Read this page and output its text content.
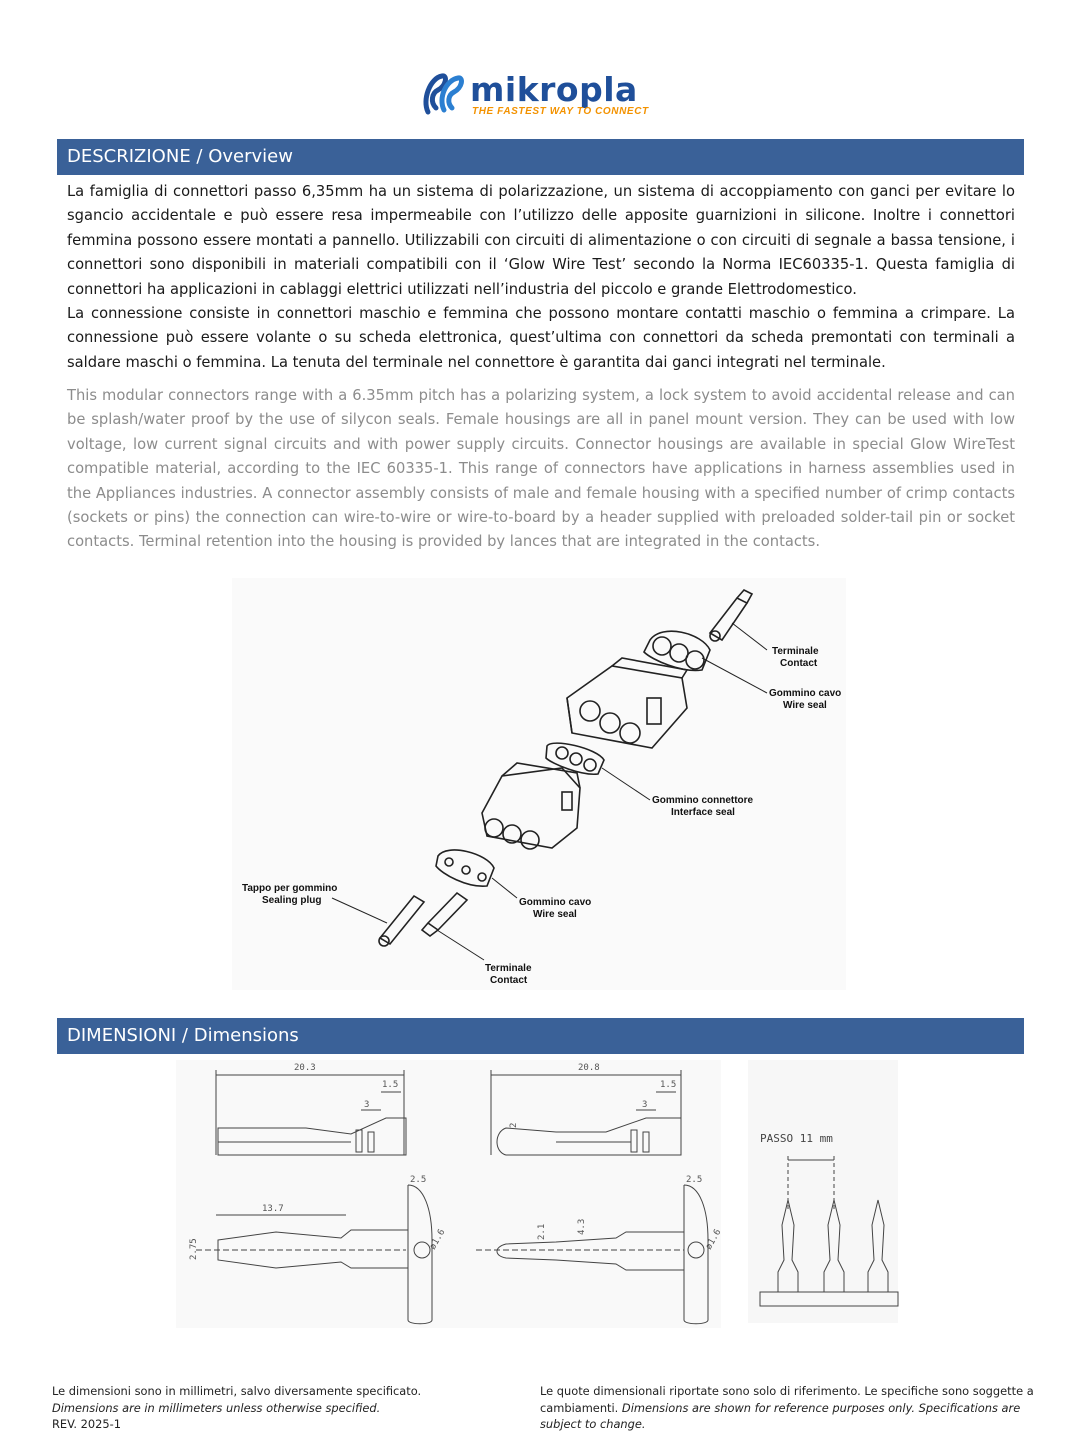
mikropla
THE FASTEST WAY TO CONNECT
DESCRIZIONE / Overview

La famiglia di connettori passo 6,35mm ha un sistema di polarizzazione, un sistema di accoppiamento con ganci per evitare lo sgancio accidentale e può essere resa impermeabile con l’utilizzo delle apposite guarnizioni in silicone. Inoltre i connettori femmina possono essere montati a pannello. Utilizzabili con circuiti di alimentazione o con circuiti di segnale a bassa tensione, i connettori sono disponibili in materiali compatibili con il ‘Glow Wire Test’ secondo la Norma IEC60335-1. Questa famiglia di connettori ha applicazioni in cablaggi elettrici utilizzati nell’industria del piccolo e grande Elettrodomestico.

La connessione consiste in connettori maschio e femmina che possono montare contatti maschio o femmina a crimpare. La connessione può essere volante o su scheda elettronica, quest’ultima con connettori da scheda premontati con terminali a saldare maschi o femmina. La tenuta del terminale nel connettore è garantita dai ganci integrati nel terminale.

This modular connectors range with a 6.35mm pitch has a polarizing system, a lock system to avoid accidental release and can be splash/water proof by the use of silycon seals. Female housings are all in panel mount version. They can be used with low voltage, low current signal circuits and with power supply circuits. Connector housings are available in special Glow WireTest compatible material, according to the IEC 60335-1. This range of connectors have applications in harness assemblies used in the Appliances industries. A connector assembly consists of male and female housing with a specified number of crimp contacts (sockets or pins) the connection can wire-to-wire or wire-to-board by a header supplied with preloaded solder-tail pin or socket contacts. Terminal retention into the housing is provided by lances that are integrated in the contacts.

Terminale
Contact
Gommino cavo
Wire seal
Gommino connettore
Interface seal
Tappo per gommino
Sealing plug	Gommino cavo
Wire seal
Terminale
Contact
DIMENSIONI / Dimensions
20.3
1.5
3
2.5
13.7
2.75	ø1.6
20.8
1.5
3
2
2.5
2.1	4.3
ø1.6
PASSO 11 mm
Le dimensioni sono in millimetri, salvo diversamente specificato.
Dimensions are in millimeters unless otherwise specified.
REV. 2025-1
Le quote dimensionali riportate sono solo di riferimento. Le specifiche sono soggette a cambiamenti. Dimensions are shown for reference purposes only. Specifications are subject to change.
